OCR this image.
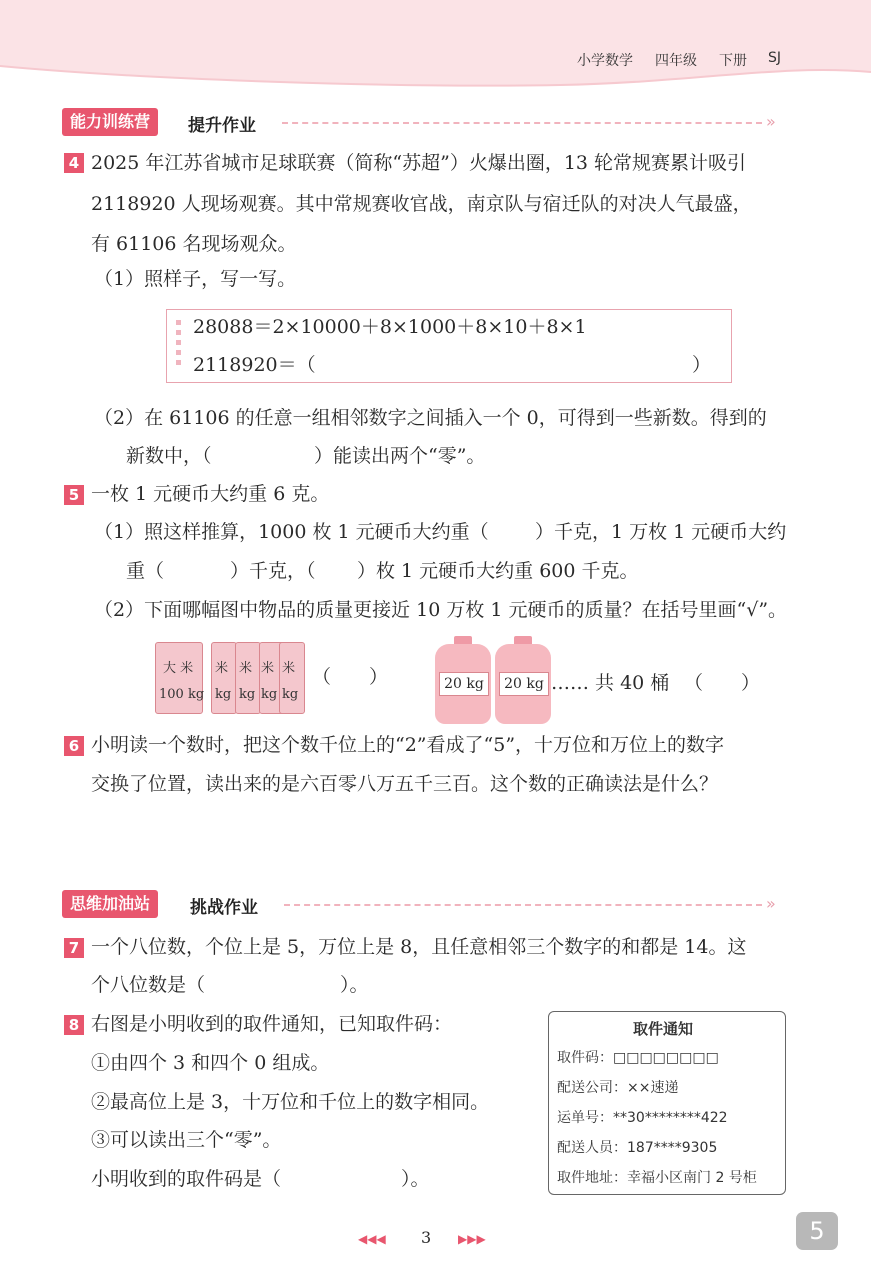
小学数学 四年级 下册 SJ
能力训练营	提升作业	»
4 2025 年江苏省城市足球联赛（简称“苏超”）火爆出圈，13 轮常规赛累计吸引
2118920 人现场观赛。其中常规赛收官战，南京队与宿迁队的对决人气最盛，
有 61106 名现场观众。
（1）照样子，写一写。
28088＝2×10000＋8×1000＋8×10＋8×1
2118920＝（	）
（2）在 61106 的任意一组相邻数字之间插入一个 0，可得到一些新数。得到的
新数中，（	）能读出两个“零”。
5 一枚 1 元硬币大约重 6 克。
（1）照这样推算，1000 枚 1 元硬币大约重（ ）千克，1 万枚 1 元硬币大约
重（	）千克，（ ）枚 1 元硬币大约重 600 千克。
（2）下面哪幅图中物品的质量更接近 10 万枚 1 元硬币的质量？在括号里画“√”。
大 米
100 kg
米
kg
米
kg
米
kg
米
kg
（　　）	20 kg	20 kg …… 共 40 桶 （　　）
6 小明读一个数时，把这个数千位上的“2”看成了“5”，十万位和万位上的数字
交换了位置，读出来的是六百零八万五千三百。这个数的正确读法是什么？
思维加油站	挑战作业	»
7 一个八位数，个位上是 5，万位上是 8，且任意相邻三个数字的和都是 14。这
个八位数是（	）。
8 右图是小明收到的取件通知，已知取件码：
①由四个 3 和四个 0 组成。
②最高位上是 3，十万位和千位上的数字相同。
③可以读出三个“零”。
小明收到的取件码是（	）。
取件通知
取件码：□□□□□□□□
配送公司：××速递
运单号：**30********422
配送人员：187****9305
取件地址：幸福小区南门 2 号柜
◀◀◀ 3 ▶▶▶	5
